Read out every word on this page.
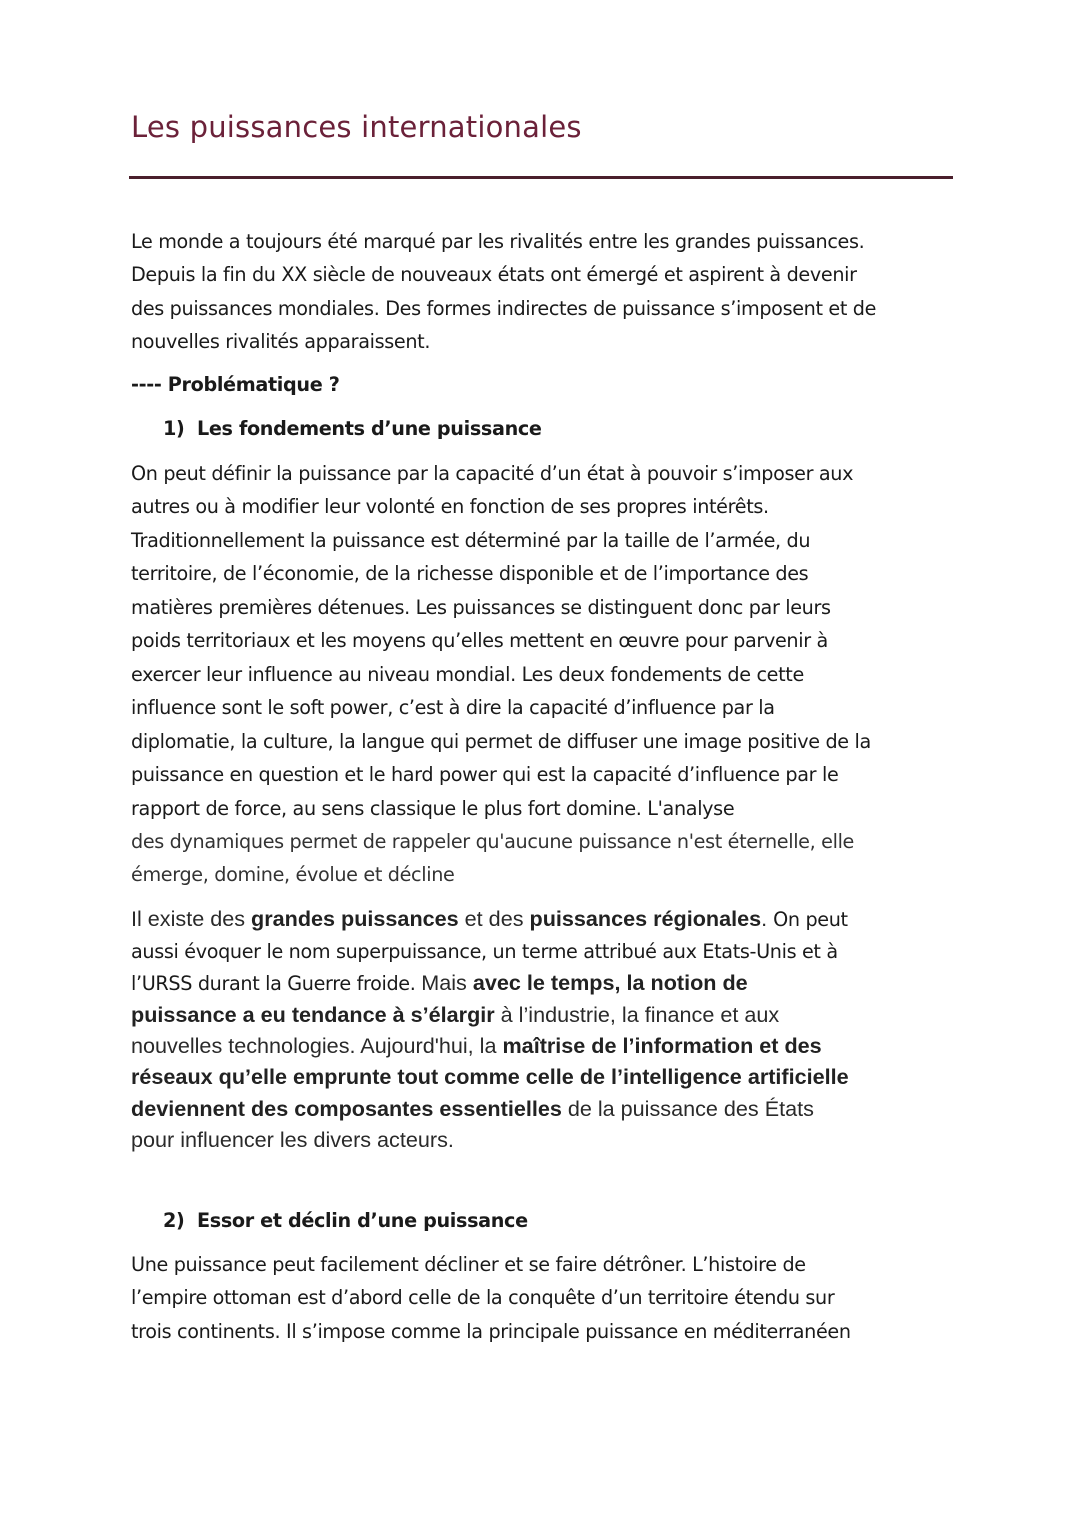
Les puissances internationales

Le monde a toujours été marqué par les rivalités entre les grandes puissances.
Depuis la fin du XX siècle de nouveaux états ont émergé et aspirent à devenir
des puissances mondiales. Des formes indirectes de puissance s’imposent et de
nouvelles rivalités apparaissent.

---- Problématique ?
1) Les fondements d’une puissance

On peut définir la puissance par la capacité d’un état à pouvoir s’imposer aux
autres ou à modifier leur volonté en fonction de ses propres intérêts.
Traditionnellement la puissance est déterminé par la taille de l’armée, du
territoire, de l’économie, de la richesse disponible et de l’importance des
matières premières détenues. Les puissances se distinguent donc par leurs
poids territoriaux et les moyens qu’elles mettent en œuvre pour parvenir à
exercer leur influence au niveau mondial. Les deux fondements de cette
influence sont le soft power, c’est à dire la capacité d’influence par la
diplomatie, la culture, la langue qui permet de diffuser une image positive de la
puissance en question et le hard power qui est la capacité d’influence par le
rapport de force, au sens classique le plus fort domine. L'analyse
des dynamiques permet de rappeler qu'aucune puissance n'est éternelle, elle
émerge, domine, évolue et décline

Il existe des grandes puissances et des puissances régionales. On peut
aussi évoquer le nom superpuissance, un terme attribué aux Etats-Unis et à
l’URSS durant la Guerre froide. Mais avec le temps, la notion de
puissance a eu tendance à s’élargir à l’industrie, la finance et aux
nouvelles technologies. Aujourd'hui, la maîtrise de l’information et des
réseaux qu’elle emprunte tout comme celle de l’intelligence artificielle
deviennent des composantes essentielles de la puissance des États
pour influencer les divers acteurs.

2) Essor et déclin d’une puissance

Une puissance peut facilement décliner et se faire détrôner. L’histoire de
l’empire ottoman est d’abord celle de la conquête d’un territoire étendu sur
trois continents. Il s’impose comme la principale puissance en méditerranéen
